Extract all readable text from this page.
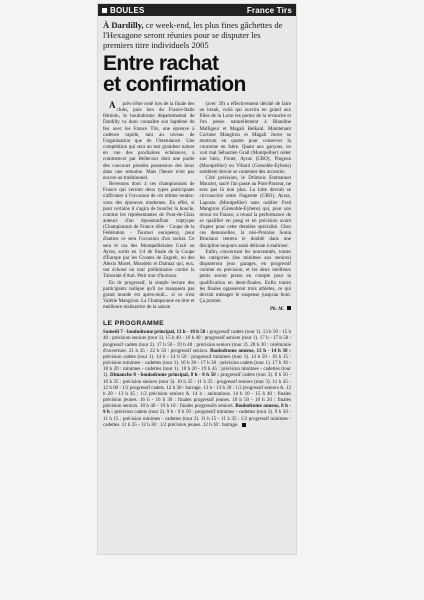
BOULES	France Tirs
À Dardilly, ce week-end, les plus fines gâchettes de l'Hexagone seront réunies pour se disputer les premiers titre individuels 2005
Entre rachat
et confirmation

A près s'être rodé lors de la finale des clubs, puis lors du France-Italie féminin, le boulodrome départemental de Dardilly va donc connaître son baptême du feu avec les France Tirs, une épreuve à cadence rapide, tant au niveau de l'organisation que de l'intendance. Une compétition qui sera un test grandeur nature en vue des prochaines échéances, à commencer par Bellecour dont une partie des concours prendra possession des lieux dans une semaine. Mais l'heure n'est pas encore au traditionnel.

Revenons donc à ces championnats de France qui verront deux types participants s'affronter à l'occasion de cet ultime rendez-vous des épreuves modernes. En effet, si pour certains il s'agira de boucler la boucle, comme les représentantes de Pont-de-Claix auteurs d'un époustouflant triptyque (Championnat de France élite - Coupe de la Fédération - Tournoi européen), pour d'autres ce sera l'occasion d'un rachat. Ce sera le cas des Montpelliéraine Grail ou Ayraz, sortis en 1/4 de finale de la Coupe d'Europe par les Croates de Zagreb, ou des Alexis Morel, Mondeln et Dalmaz qui, eux, ont échoué en tour préliminaire contre la Tuboside d'Asti. Petit tour d'horizon.

En tir progressif, la simple lecture des participants indique qu'il ne manquera pas grand monde est après-midi... si ce n'est Valérie Mangiron. La Champsonne en titre et meilleure réalisatrice de la saison

(avec 39) a effectivement décidé de faire un break, voilà qui ouvrira en grand aux filles de la Loire les portes de la revanche et l'on pense naturellement à Blandine Malligeur et Magali Belkaid. Maintenant Corinne Mangiron et Magali Jouve se mettront en quatre pour conserver la couronne en Isère. Quant aux garçons, on voit mal Sébastien Grail (Montpellier) céder son bien, Pouet, Ayraz (CRO), Pingeon (Montpellier) ou Villard (Grenoble-Eybens) semblent devoir se contenter des accessits.

Côté précision, le Drômois Emmanuel Mauclet, sacré l'an passé au Pont-Pastour, ne sera pas là non plus. La lutte devrait se circonscrire entre Nageotte (CRO), Ayraz, Laposta (Montpellier) sans oublier Fred Mangiron (Grenoble-Eybens) qui, pour son retour en France, a réussi la performance de se qualifier en peug et en précision avant d'opter pour cette dernière spécialité. Chez ces demoiselles, la néo-Protoise Sonia Bruniaux tentera le doublé dans une discipline toujours aussi délicate à maîtriser.

Enfin, concernant les nouveautés, toutes les catégories (les minimes aux seniors) disputeront jeux garages, en progressif comme en précision, et les deux meilleurs petits seront prises en compte pour la qualification en demi-finales. Enfin toutes les finales opposeront trois athlètes, ce qui devrait ménager le suspense jusqu'au bout. Ça promet.

Ph. M.
LE PROGRAMME
Samedi 7 - boulodrome principal, 13 h - 18 h 50 : progressif cadets (tour 1). 13 h 50 - 15 h 40 : précision seniors (tour 1). 15 h 40 - 16 h 40 : progressif seniors (tour 1). 17 h - 17 h 50 : progressif cadets (tour 2). 17 h 50 - 19 h 40 : précision seniors (tour 2). 20 h 30 : cérémonie d'ouverture. 21 h 45 - 22 h 50 : progressif seniors. Boulodrome annexe, 13 h - 14 h 30 : précision cadets (tour 1). 14 h - 14 h 50 : progressif minimes (tour 1). 14 h 50 - 16 h 15 : précision minimes - cadettes (tour 1). 16 h 30 - 17 h 30 : précision cadets (tour 1). 17 h 30 - 18 h 20 : minimes - cadettes (tour 1). 18 h 20 - 19 h 45 : précision minimes - cadettes (tour 1). Dimanche 8 - boulodrome principal, 8 h - 8 h 50 : progressif cadets (tour 3). 8 h 50 - 10 h 35 : précision seniors (tour 3). 10 h 35 - 11 h 35 : progressif seniors (tour 3). 11 h 45 - 12 h 00 : 1/2 progressif cadets. 12 h 30 : barrage. 13 h - 13 h 20 : 1/2 progressif seniors A. 13 h 20 - 13 h 45 : 1/2 précision seniors A. 14 h : animations. 14 h 10 - 15 h 40 : finales précision jeunes. 16 h - 16 h 30 : finales progressif jeunes. 16 h 50 - 18 h 20 : finales précision seniors. 18 h 40 - 19 h 10 : finales progressifs seniors. Boulodrome annexe, 8 h - 9 h : précision cadets (tour 2). 9 h - 9 h 50 : progressif minimes - cadettes (tour 2). 9 h 50 - 11 h 15 : précision minimes - cadettes (tour 2). 11 h 15 - 11 h 35 : 1/2 progressif minimes - cadettes. 11 h 35 - 12 h 30 : 1/2 précision jeunes. 12 h 30 : barrage.
